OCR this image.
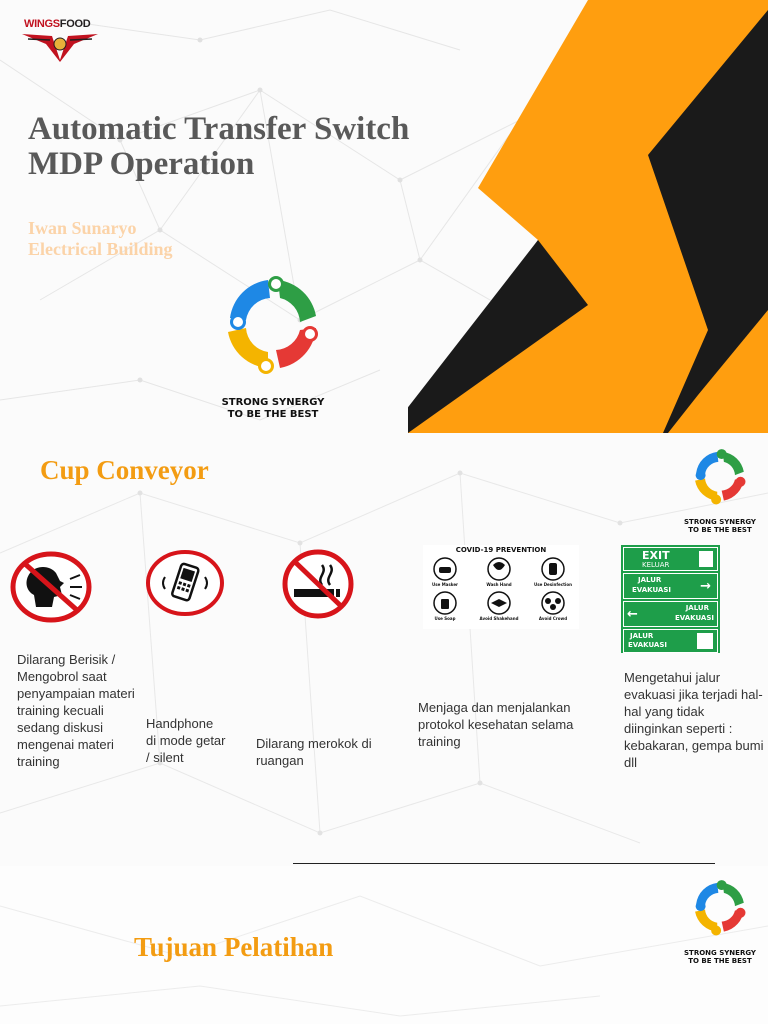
WINGSFOOD
Automatic Transfer Switch
MDP Operation
Iwan Sunaryo
Electrical Building
STRONG SYNERGY
TO BE THE BEST
Cup Conveyor
STRONG SYNERGY
TO BE THE BEST
Dilarang Berisik / Mengobrol saat penyampaian materi training kecuali sedang diskusi mengenai materi training
Handphone di mode getar / silent
Dilarang merokok di ruangan
COVID-19 PREVENTION
Use Masker	Wash Hand	Use Desinfection
Use Soap	Avoid Shakehand	Avoid Crowd
Menjaga dan menjalankan protokol kesehatan selama training
EXIT
KELUAR
JALUR
EVAKUASI →
←	JALUR
EVAKUASI
JALUR
EVAKUASI
Mengetahui jalur evakuasi jika terjadi hal-hal yang tidak diinginkan seperti : kebakaran, gempa bumi dll
Tujuan Pelatihan	STRONG SYNERGY
TO BE THE BEST
